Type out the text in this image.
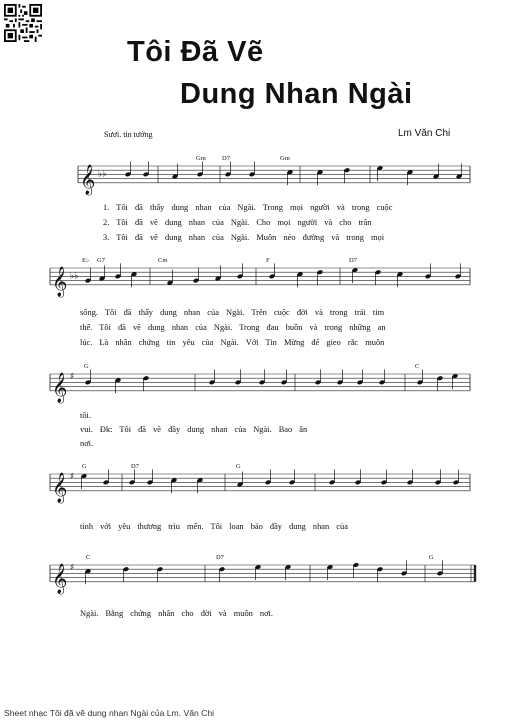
Tôi Đã Vẽ
Dung Nhan Ngài
Sươi. tin tưởng	Lm Văn Chi
𝄞 ♭♭
Gm	D7	Gm
𝄞 ♭♭
E♭ G7	Cm	F	D7
𝄞 ♯
G	C
𝄞 ♯
G	D7	G
𝄞 ♯
C	D7	G
1. Tôi đã thấy dung nhan của Ngài. Trong mọi người và trong cuộc
2. Tôi đã vẽ dung nhan của Ngài. Cho mọi người và cho trần
3. Tôi đã vẽ dung nhan của Ngài. Muôn nẻo đường và trong mọi
sống. Tôi đã thấy dung nhan của Ngài. Trên cuộc đời và trong trái tim
thế. Tôi đã vẽ dung nhan của Ngài. Trong đau buồn và trong những an
lúc. Là nhân chứng tin yêu của Ngài. Với Tin Mừng để gieo rắc muôn
tôi.
vui. Đk: Tôi đã vẽ đầy dung nhan của Ngài. Bao ân
nơi.
tình với yêu thương trìu mến. Tôi loan báo đầy dung nhan của
Ngài. Bằng chứng nhân cho đời và muôn nơi.
Sheet nhạc Tôi đã vẽ dung nhan Ngài của Lm. Văn Chi
